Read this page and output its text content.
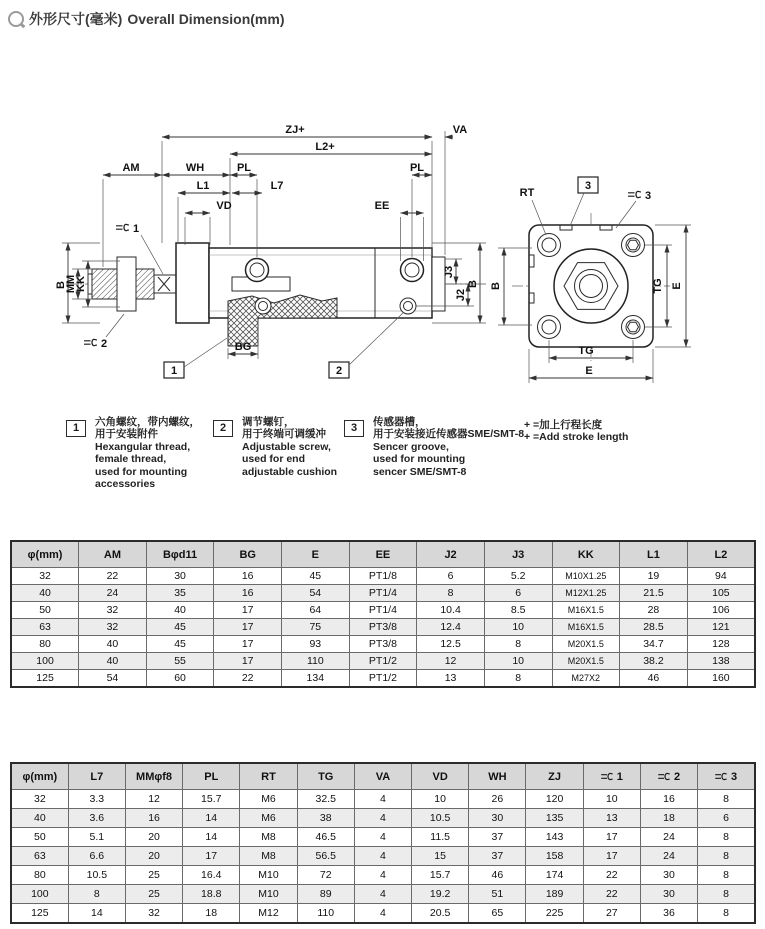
外形尺寸(毫米) Overall Dimension(mm)
ZJ+	VA
L2+
AM	WH	PL	PL
L1	L7
VD	EE
B
MM
KK
J3
J2
B
BG
1
2
1	2
RT
3
3
B	TG E
TG
E
1	六角螺纹，带内螺纹，
用于安装附件
Hexangular thread,
female thread,
used for mounting
accessories
2	调节螺钉，
用于终端可调缓冲
Adjustable screw,
used for end
adjustable cushion
3	传感器槽，
用于安装接近传感器SME/SMT-8
Sencer groove,
used for mounting
sencer SME/SMT-8
+ =加上行程长度
+ =Add stroke length
φ(mm)	AM	Bφd11	BG	E	EE	J2	J3	KK	L1	L2
32	22	30	16	45	PT1/8	6	5.2	M10X1.25	19	94
40	24	35	16	54	PT1/4	8	6	M12X1.25	21.5	105
50	32	40	17	64	PT1/4	10.4	8.5	M16X1.5	28	106
63	32	45	17	75	PT3/8	12.4	10	M16X1.5	28.5	121
80	40	45	17	93	PT3/8	12.5	8	M20X1.5	34.7	128
100	40	55	17	110	PT1/2	12	10	M20X1.5	38.2	138
125	54	60	22	134	PT1/2	13	8	M27X2	46	160
φ(mm)	L7	MMφf8	PL	RT	TG	VA	VD	WH	ZJ	1	2	3
32	3.3	12	15.7	M6	32.5	4	10	26	120	10	16	8
40	3.6	16	14	M6	38	4	10.5	30	135	13	18	6
50	5.1	20	14	M8	46.5	4	11.5	37	143	17	24	8
63	6.6	20	17	M8	56.5	4	15	37	158	17	24	8
80	10.5	25	16.4	M10	72	4	15.7	46	174	22	30	8
100	8	25	18.8	M10	89	4	19.2	51	189	22	30	8
125	14	32	18	M12	110	4	20.5	65	225	27	36	8
